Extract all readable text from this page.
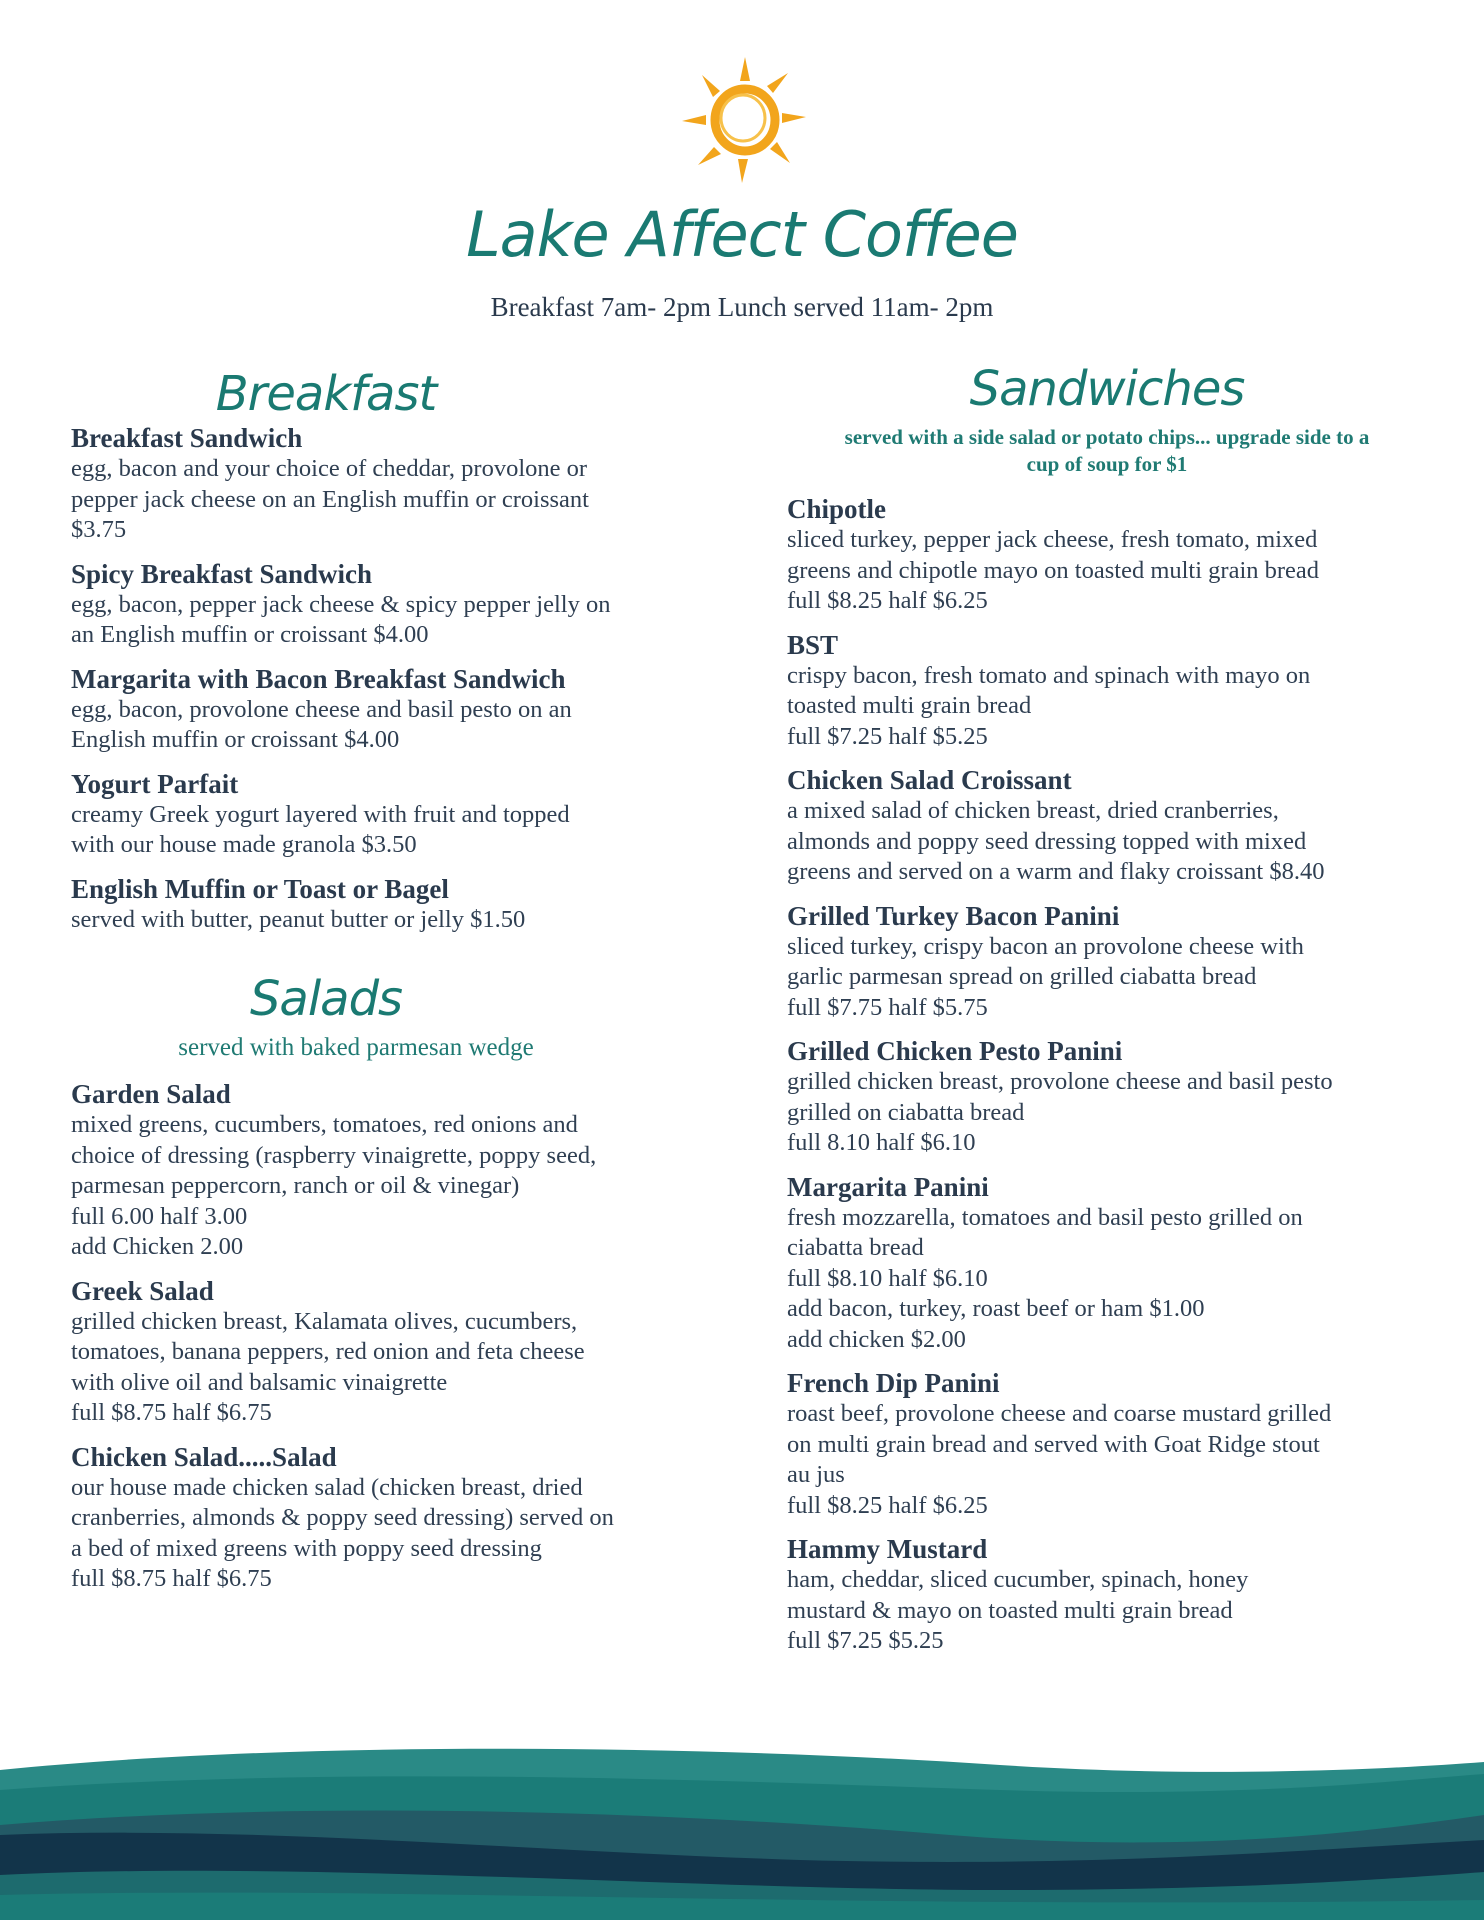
Lake Affect Coffee
Breakfast 7am- 2pm Lunch served 11am- 2pm
Breakfast
Breakfast Sandwich
egg, bacon and your choice of cheddar, provolone or
pepper jack cheese on an English muffin or croissant
$3.75
Spicy Breakfast Sandwich
egg, bacon, pepper jack cheese & spicy pepper jelly on
an English muffin or croissant $4.00
Margarita with Bacon Breakfast Sandwich
egg, bacon, provolone cheese and basil pesto on an
English muffin or croissant $4.00
Yogurt Parfait
creamy Greek yogurt layered with fruit and topped
with our house made granola $3.50
English Muffin or Toast or Bagel
served with butter, peanut butter or jelly $1.50
Salads
served with baked parmesan wedge
Garden Salad
mixed greens, cucumbers, tomatoes, red onions and
choice of dressing (raspberry vinaigrette, poppy seed,
parmesan peppercorn, ranch or oil & vinegar)
full 6.00 half 3.00
add Chicken 2.00
Greek Salad
grilled chicken breast, Kalamata olives, cucumbers,
tomatoes, banana peppers, red onion and feta cheese
with olive oil and balsamic vinaigrette
full $8.75 half $6.75
Chicken Salad.....Salad
our house made chicken salad (chicken breast, dried
cranberries, almonds & poppy seed dressing) served on
a bed of mixed greens with poppy seed dressing
full $8.75 half $6.75
Sandwiches
served with a side salad or potato chips... upgrade side to a
cup of soup for $1
Chipotle
sliced turkey, pepper jack cheese, fresh tomato, mixed
greens and chipotle mayo on toasted multi grain bread
full $8.25 half $6.25
BST
crispy bacon, fresh tomato and spinach with mayo on
toasted multi grain bread
full $7.25 half $5.25
Chicken Salad Croissant
a mixed salad of chicken breast, dried cranberries,
almonds and poppy seed dressing topped with mixed
greens and served on a warm and flaky croissant $8.40
Grilled Turkey Bacon Panini
sliced turkey, crispy bacon an provolone cheese with
garlic parmesan spread on grilled ciabatta bread
full $7.75 half $5.75
Grilled Chicken Pesto Panini
grilled chicken breast, provolone cheese and basil pesto
grilled on ciabatta bread
full 8.10 half $6.10
Margarita Panini
fresh mozzarella, tomatoes and basil pesto grilled on
ciabatta bread
full $8.10 half $6.10
add bacon, turkey, roast beef or ham $1.00
add chicken $2.00
French Dip Panini
roast beef, provolone cheese and coarse mustard grilled
on multi grain bread and served with Goat Ridge stout
au jus
full $8.25 half $6.25
Hammy Mustard
ham, cheddar, sliced cucumber, spinach, honey
mustard & mayo on toasted multi grain bread
full $7.25 $5.25
